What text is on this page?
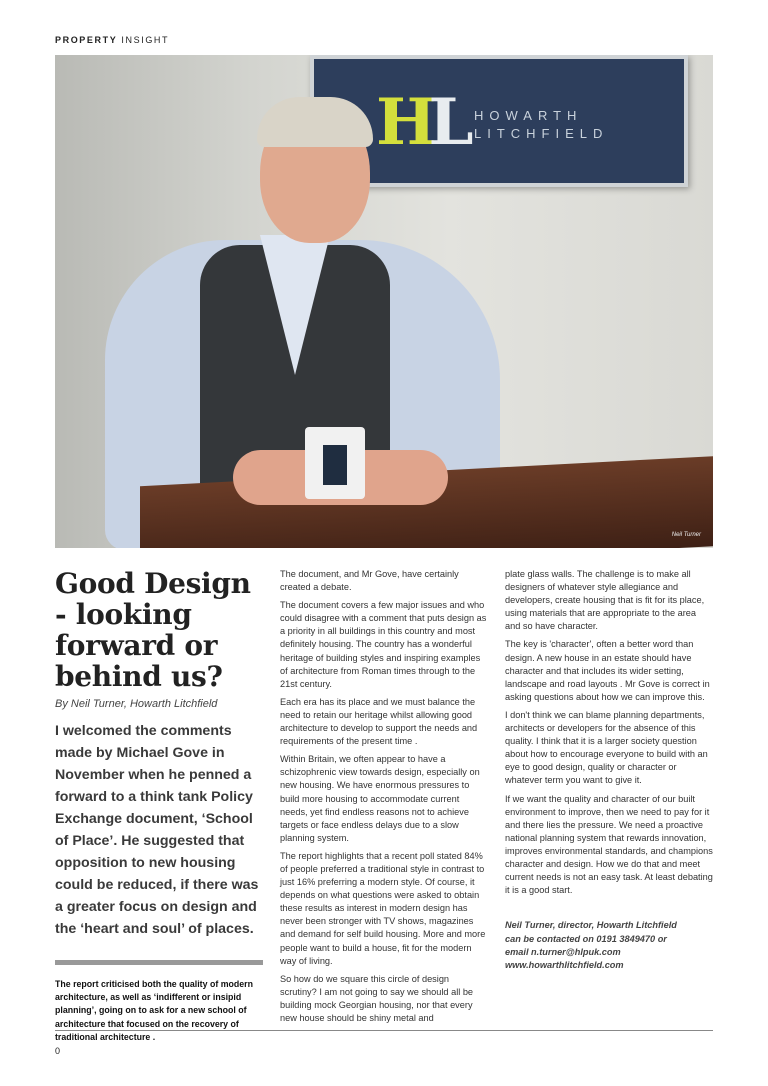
PROPERTY INSIGHT
HL HOWARTH
LITCHFIELD
Neil Turner
Good Design - looking forward or behind us?
By Neil Turner, Howarth Litchfield
I welcomed the comments made by Michael Gove in November when he penned a forward to a think tank Policy Exchange document, ‘School of Place’. He suggested that opposition to new housing could be reduced, if there was a greater focus on design and the ‘heart and soul’ of places.
The report criticised both the quality of modern architecture, as well as ‘indifferent or insipid planning’, going on to ask for a new school of architecture that focused on the recovery of traditional architecture .

The document, and Mr Gove, have certainly created a debate.

The document covers a few major issues and who could disagree with a comment that puts design as a priority in all buildings in this country and most definitely housing. The country has a wonderful heritage of building styles and inspiring examples of architecture from Roman times through to the 21st century.

Each era has its place and we must balance the need to retain our heritage whilst allowing good architecture to develop to support the needs and requirements of the present time .

Within Britain, we often appear to have a schizophrenic view towards design, especially on new housing. We have enormous pressures to build more housing to accommodate current needs, yet find endless reasons not to achieve targets or face endless delays due to a slow planning system.

The report highlights that a recent poll stated 84% of people preferred a traditional style in contrast to just 16% preferring a modern style. Of course, it depends on what questions were asked to obtain these results as interest in modern design has never been stronger with TV shows, magazines and demand for self build housing. More and more people want to build a house, fit for the modern way of living.

So how do we square this circle of design scrutiny? I am not going to say we should all be building mock Georgian housing, nor that every new house should be shiny metal and

plate glass walls. The challenge is to make all designers of whatever style allegiance and developers, create housing that is fit for its place, using materials that are appropriate to the area and so have character.

The key is 'character', often a better word than design. A new house in an estate should have character and that includes its wider setting, landscape and road layouts . Mr Gove is correct in asking questions about how we can improve this.

I don't think we can blame planning departments, architects or developers for the absence of this quality. I think that it is a larger society question about how to encourage everyone to build with an eye to good design, quality or character or whatever term you want to give it.

If we want the quality and character of our built environment to improve, then we need to pay for it and there lies the pressure. We need a proactive national planning system that rewards innovation, improves environmental standards, and champions character and design. How we do that and meet current needs is not an easy task. At least debating it is a good start.

Neil Turner, director, Howarth Litchfield
can be contacted on 0191 3849470 or
email n.turner@hlpuk.com
www.howarthlitchfield.com
0
